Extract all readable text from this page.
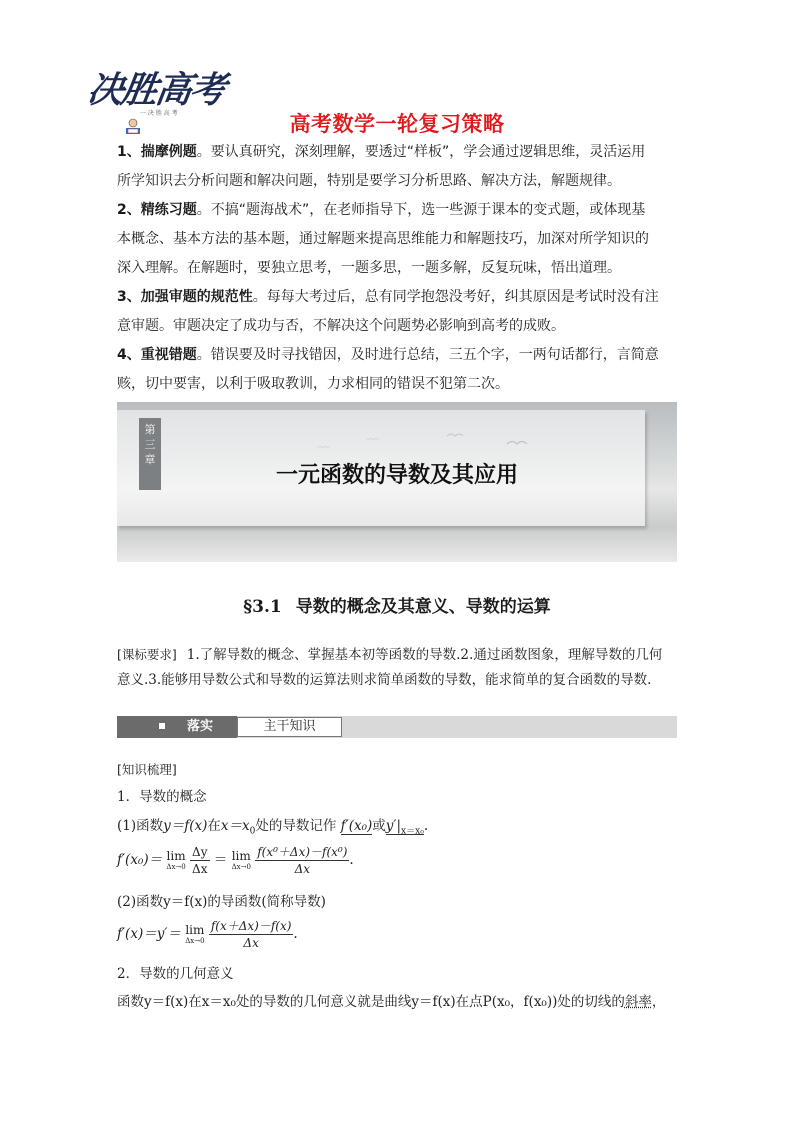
决胜高考
一 决 胜 高 考	高考数学一轮复习策略

1、揣摩例题。要认真研究，深刻理解，要透过“样板”，学会通过逻辑思维，灵活运用

所学知识去分析问题和解决问题，特别是要学习分析思路、解决方法，解题规律。

2、精练习题。不搞“题海战术”，在老师指导下，选一些源于课本的变式题，或体现基

本概念、基本方法的基本题，通过解题来提高思维能力和解题技巧，加深对所学知识的

深入理解。在解题时，要独立思考，一题多思，一题多解，反复玩味，悟出道理。

3、加强审题的规范性。每每大考过后，总有同学抱怨没考好，纠其原因是考试时没有注

意审题。审题决定了成功与否，不解决这个问题势必影响到高考的成败。

4、重视错题。错误要及时寻找错因，及时进行总结，三五个字，一两句话都行，言简意

赅，切中要害，以利于吸取教训，力求相同的错误不犯第二次。

第
三
章
一元函数的导数及其应用
§3.1 导数的概念及其意义、导数的运算
[课标要求] 1.了解导数的概念、掌握基本初等函数的导数.2.通过函数图象，理解导数的几何
意义.3.能够用导数公式和导数的运算法则求简单函数的导数，能求简单的复合函数的导数.
落实	主干知识
[知识梳理]
1．导数的概念
(1)函数y＝f(x)在$x=x_0$处的导数记作 f′(x₀)或$y'|_{x=x_0}$.
f′(x₀)＝ lim
Δx→0
$\frac{\Delta y}{\Delta x} = \lim$
Δx→0
$\frac{\text{f(x⁰＋Δx)－f(x⁰)}}{\Delta x}$ .
(2)函数y＝f(x)的导函数(简称导数)
f′(x)＝y′＝ lim
Δx→0
$\frac{f(x+\Delta x)-f(x)}{\Delta x}$ .
2．导数的几何意义
函数y＝f(x)在x＝x₀处的导数的几何意义就是曲线y＝f(x)在点P(x₀，f(x₀))处的切线的斜率，
